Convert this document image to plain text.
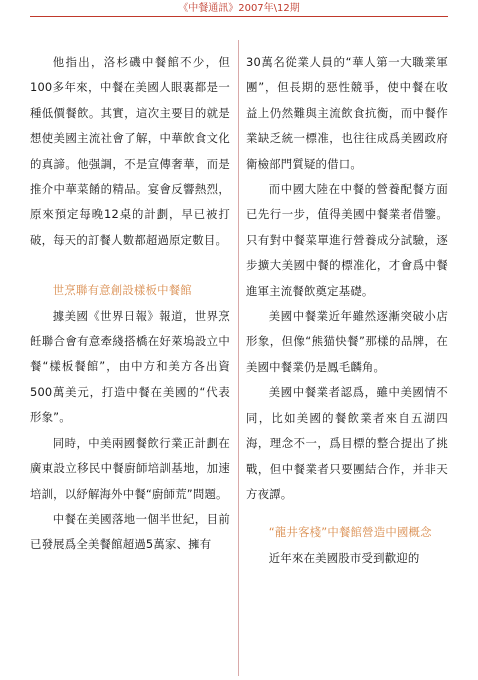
《中餐通訊》2007年\12期

他指出，洛杉磯中餐館不少，但100多年來，中餐在美國人眼裏都是一種低價餐飲。其實，這次主要目的就是想使美國主流社會了解，中華飲食文化的真諦。他强調，不是宣傳奢華，而是推介中華菜餚的精品。宴會反響熱烈，原來預定每晚12桌的計劃，早已被打破，每天的訂餐人數都超過原定數目。

世烹聯有意創設樣板中餐館

據美國《世界日報》報道，世界烹飪聯合會有意牽綫搭橋在好萊塢設立中餐“樣板餐館”，由中方和美方各出資500萬美元，打造中餐在美國的“代表形象”。

同時，中美兩國餐飲行業正計劃在廣東設立移民中餐廚師培訓基地，加速培訓，以紓解海外中餐“廚師荒”問題。

中餐在美國落地一個半世紀，目前已發展爲全美餐館超過5萬家、擁有

30萬名從業人員的“華人第一大職業軍團”，但長期的惡性競爭，使中餐在收益上仍然難與主流飲食抗衡，而中餐作業缺乏統一標准，也往往成爲美國政府衛檢部門質疑的借口。

而中國大陸在中餐的營養配餐方面已先行一步，值得美國中餐業者借鑒。只有對中餐菜單進行營養成分試驗，逐步擴大美國中餐的標准化，才會爲中餐進軍主流餐飲奠定基礎。

美國中餐業近年雖然逐漸突破小店形象，但像“熊猫快餐”那樣的品牌，在美國中餐業仍是鳳毛麟角。

美國中餐業者認爲，雖中美國情不同，比如美國的餐飲業者來自五湖四海，理念不一，爲目標的整合提出了挑戰，但中餐業者只要團結合作，并非天方夜譚。

“龍井客棧”中餐館營造中國概念

近年來在美國股市受到歡迎的
